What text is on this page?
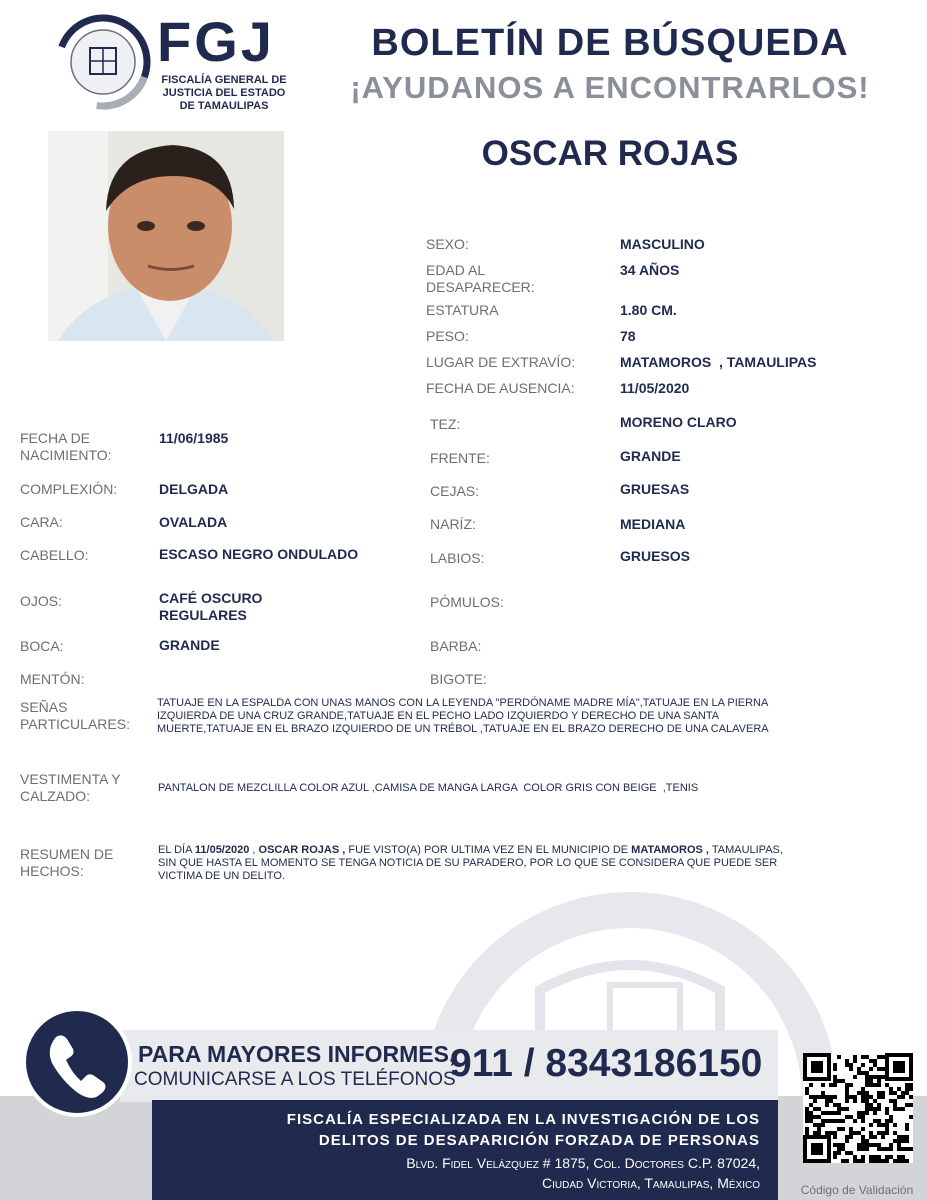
FGJ
FISCALÍA GENERAL DE
JUSTICIA DEL ESTADO
DE TAMAULIPAS
BOLETÍN DE BÚSQUEDA
¡AYUDANOS A ENCONTRARLOS!
OSCAR ROJAS
SEXO:	MASCULINO
EDAD AL
DESAPARECER:
34 AÑOS
ESTATURA	1.80 CM.
PESO:	78
LUGAR DE EXTRAVÍO:	MATAMOROS  , TAMAULIPAS
FECHA DE AUSENCIA:	11/05/2020
FECHA DE
NACIMIENTO:
11/06/1985
COMPLEXIÓN:	DELGADA
CARA:	OVALADA
CABELLO:	ESCASO NEGRO ONDULADO
OJOS:	CAFÉ OSCURO
REGULARES
BOCA:	GRANDE
MENTÓN:
TEZ:	MORENO CLARO
FRENTE:	GRANDE
CEJAS:	GRUESAS
NARÍZ:	MEDIANA
LABIOS:	GRUESOS
PÓMULOS:
BARBA:
BIGOTE:
SEÑAS
PARTICULARES:
TATUAJE EN LA ESPALDA CON UNAS MANOS CON LA LEYENDA "PERDÓNAME MADRE MÍA",TATUAJE EN LA PIERNA
IZQUIERDA DE UNA CRUZ GRANDE,TATUAJE EN EL PECHO LADO IZQUIERDO Y DERECHO DE UNA SANTA
MUERTE,TATUAJE EN EL BRAZO IZQUIERDO DE UN TRÉBOL ,TATUAJE EN EL BRAZO DERECHO DE UNA CALAVERA
VESTIMENTA Y
CALZADO:	PANTALON DE MEZCLILLA COLOR AZUL ,CAMISA DE MANGA LARGA  COLOR GRIS CON BEIGE  ,TENIS
RESUMEN DE
HECHOS:
EL DÍA 11/05/2020 , OSCAR ROJAS , FUE VISTO(A) POR ULTIMA VEZ EN EL MUNICIPIO DE MATAMOROS , TAMAULIPAS,
SIN QUE HASTA EL MOMENTO SE TENGA NOTICIA DE SU PARADERO, POR LO QUE SE CONSIDERA QUE PUEDE SER
VICTIMA DE UN DELITO.
PARA MAYORES INFORMES,
COMUNICARSE A LOS TELÉFONOS
911 / 8343186150
FISCALÍA ESPECIALIZADA EN LA INVESTIGACIÓN DE LOS
DELITOS DE DESAPARICIÓN FORZADA DE PERSONAS
Blvd. Fidel Velázquez # 1875, Col. Doctores C.P. 87024,
Ciudad Victoria, Tamaulipas, México	Código de Validación
